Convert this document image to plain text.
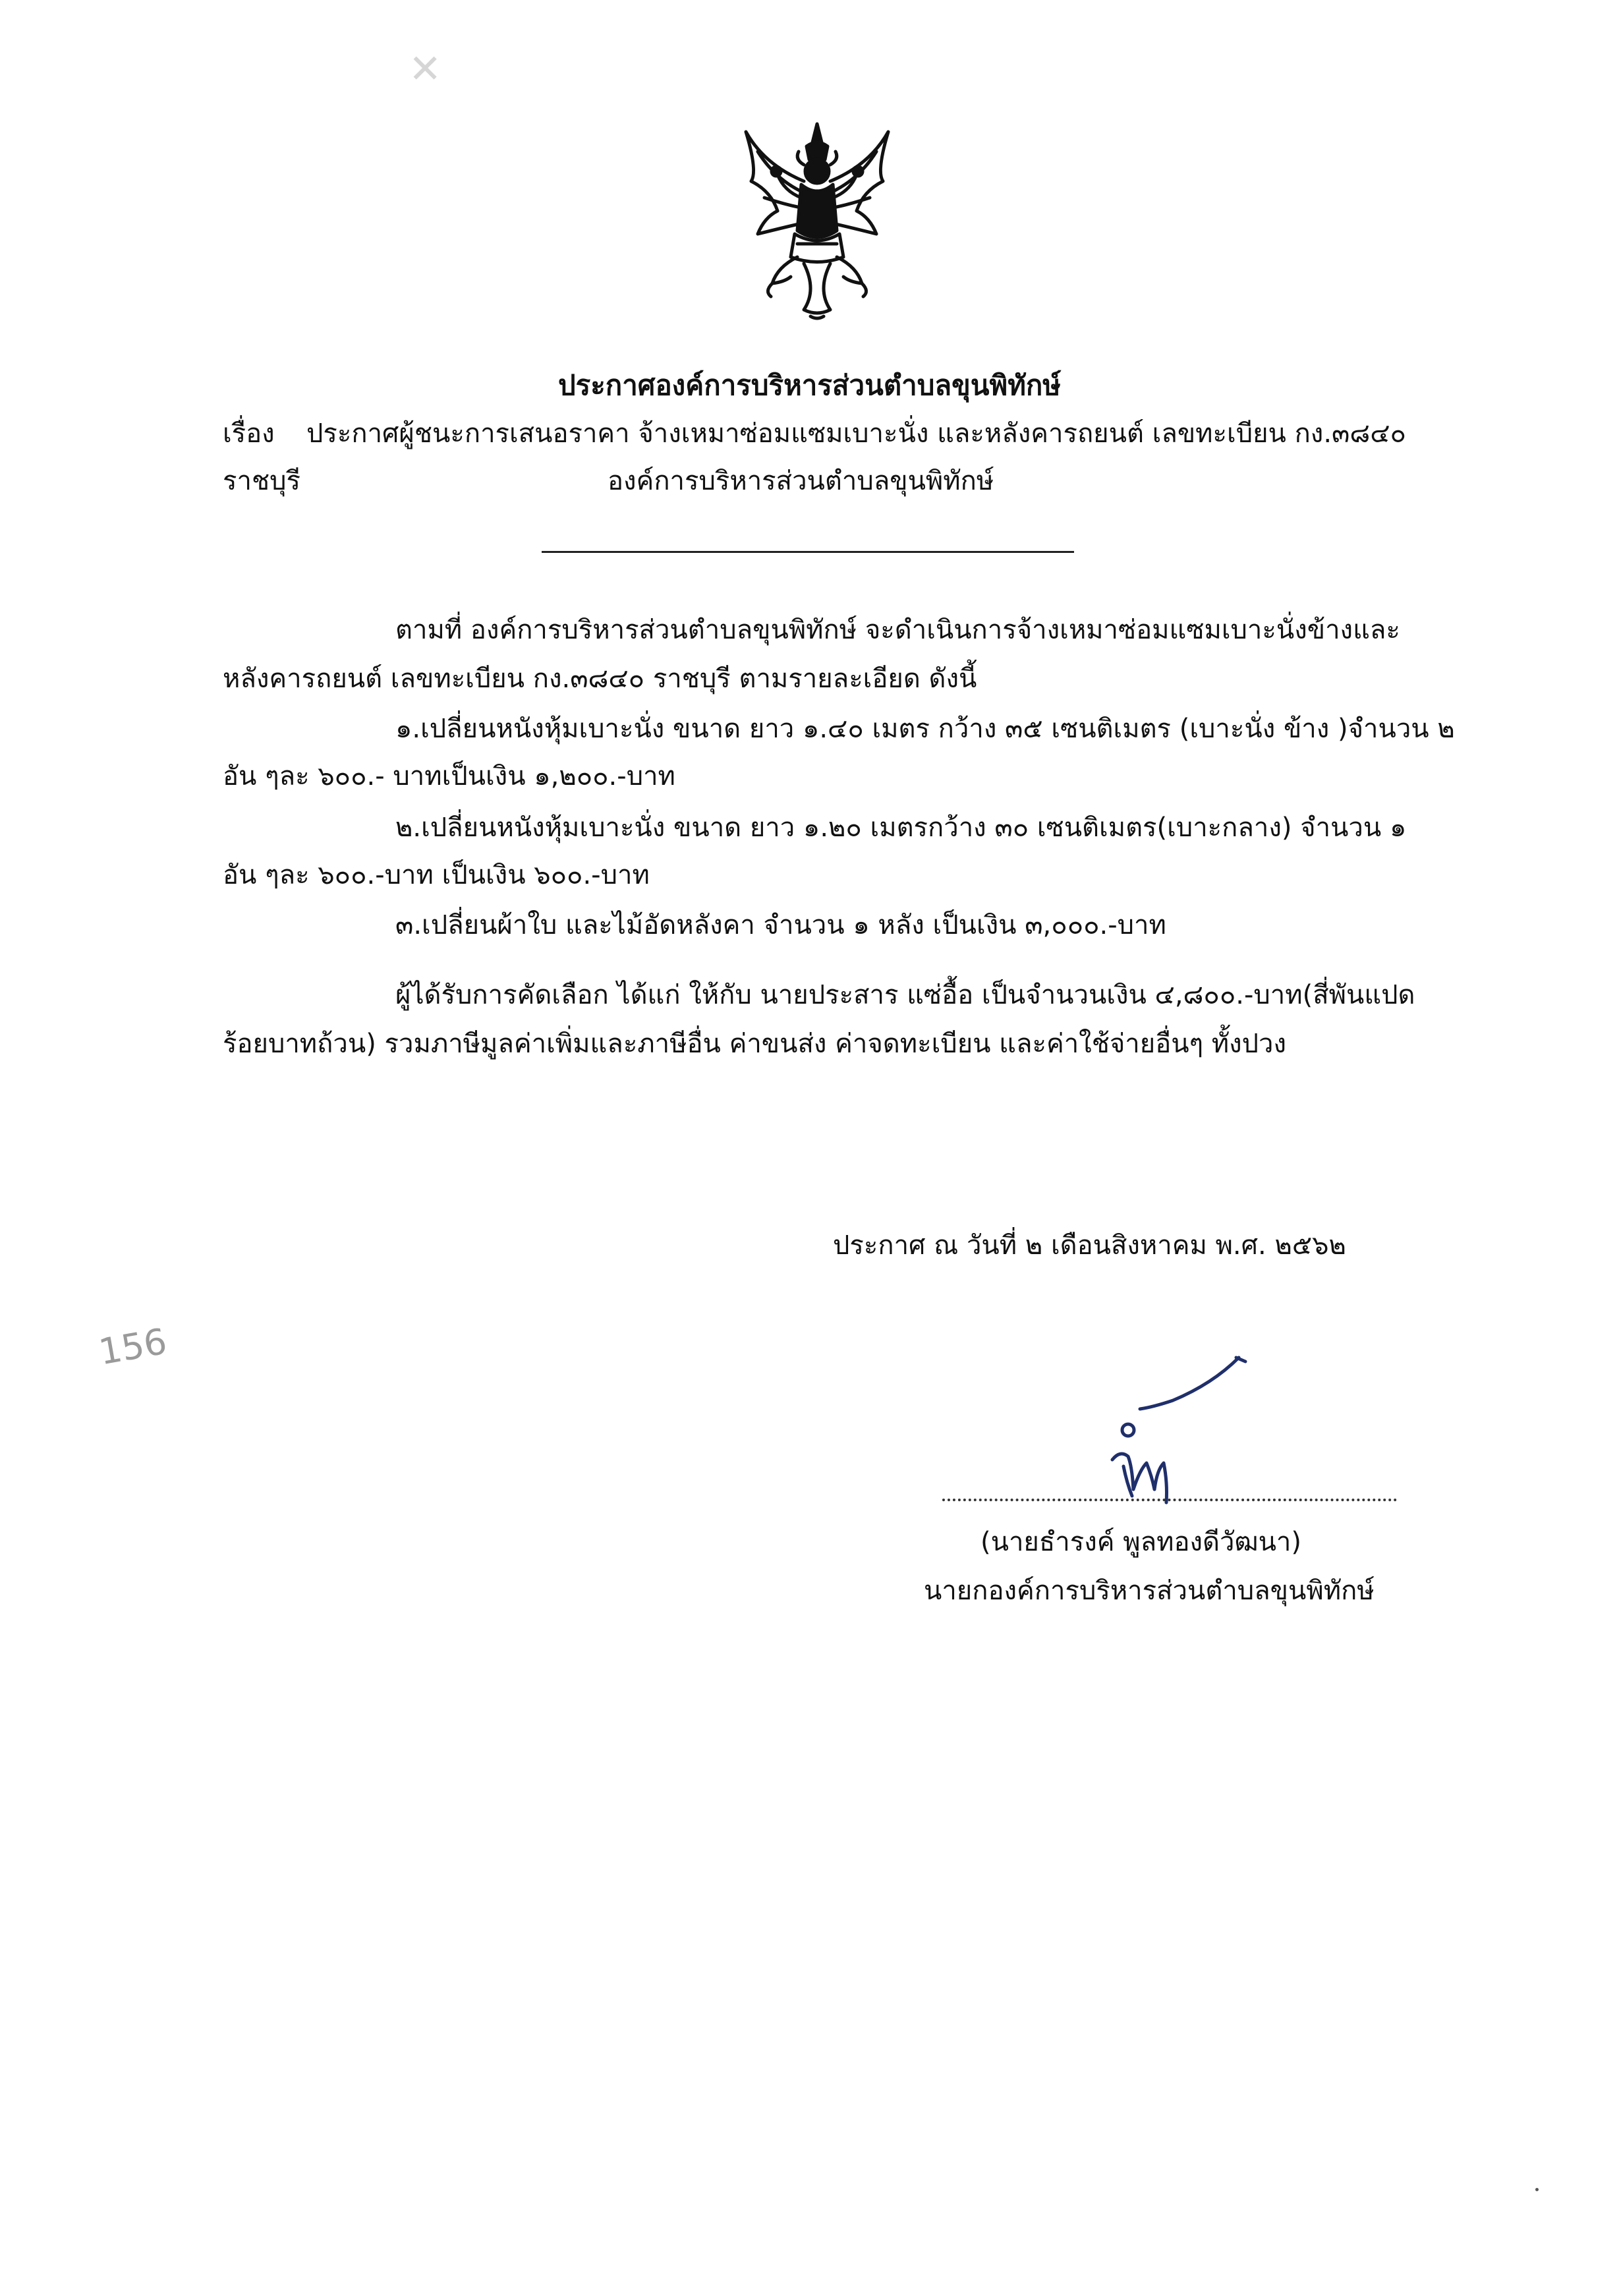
✕
ประกาศองค์การบริหารส่วนตำบลขุนพิทักษ์
เรื่อง ประกาศผู้ชนะการเสนอราคา จ้างเหมาซ่อมแซมเบาะนั่ง และหลังคารถยนต์ เลขทะเบียน กง.๓๘๔๐
ราชบุรี	องค์การบริหารส่วนตำบลขุนพิทักษ์
ตามที่ องค์การบริหารส่วนตำบลขุนพิทักษ์ จะดำเนินการจ้างเหมาซ่อมแซมเบาะนั่งข้างและ
หลังคารถยนต์ เลขทะเบียน กง.๓๘๔๐ ราชบุรี ตามรายละเอียด ดังนี้
๑.เปลี่ยนหนังหุ้มเบาะนั่ง ขนาด ยาว ๑.๔๐ เมตร กว้าง ๓๕ เซนติเมตร (เบาะนั่ง ข้าง )จำนวน ๒
อัน ๆละ ๖๐๐.- บาทเป็นเงิน ๑,๒๐๐.-บาท
๒.เปลี่ยนหนังหุ้มเบาะนั่ง ขนาด ยาว ๑.๒๐ เมตรกว้าง ๓๐ เซนติเมตร(เบาะกลาง) จำนวน ๑
อัน ๆละ ๖๐๐.-บาท เป็นเงิน ๖๐๐.-บาท
๓.เปลี่ยนผ้าใบ และไม้อัดหลังคา จำนวน ๑ หลัง เป็นเงิน ๓,๐๐๐.-บาท
ผู้ได้รับการคัดเลือก ได้แก่ ให้กับ นายประสาร แซ่อื้อ เป็นจำนวนเงิน ๔,๘๐๐.-บาท(สี่พันแปด
ร้อยบาทถ้วน) รวมภาษีมูลค่าเพิ่มและภาษีอื่น ค่าขนส่ง ค่าจดทะเบียน และค่าใช้จ่ายอื่นๆ ทั้งปวง
ประกาศ ณ วันที่ ๒ เดือนสิงหาคม พ.ศ. ๒๕๖๒
156
(นายธำรงค์ พูลทองดีวัฒนา)
นายกองค์การบริหารส่วนตำบลขุนพิทักษ์
